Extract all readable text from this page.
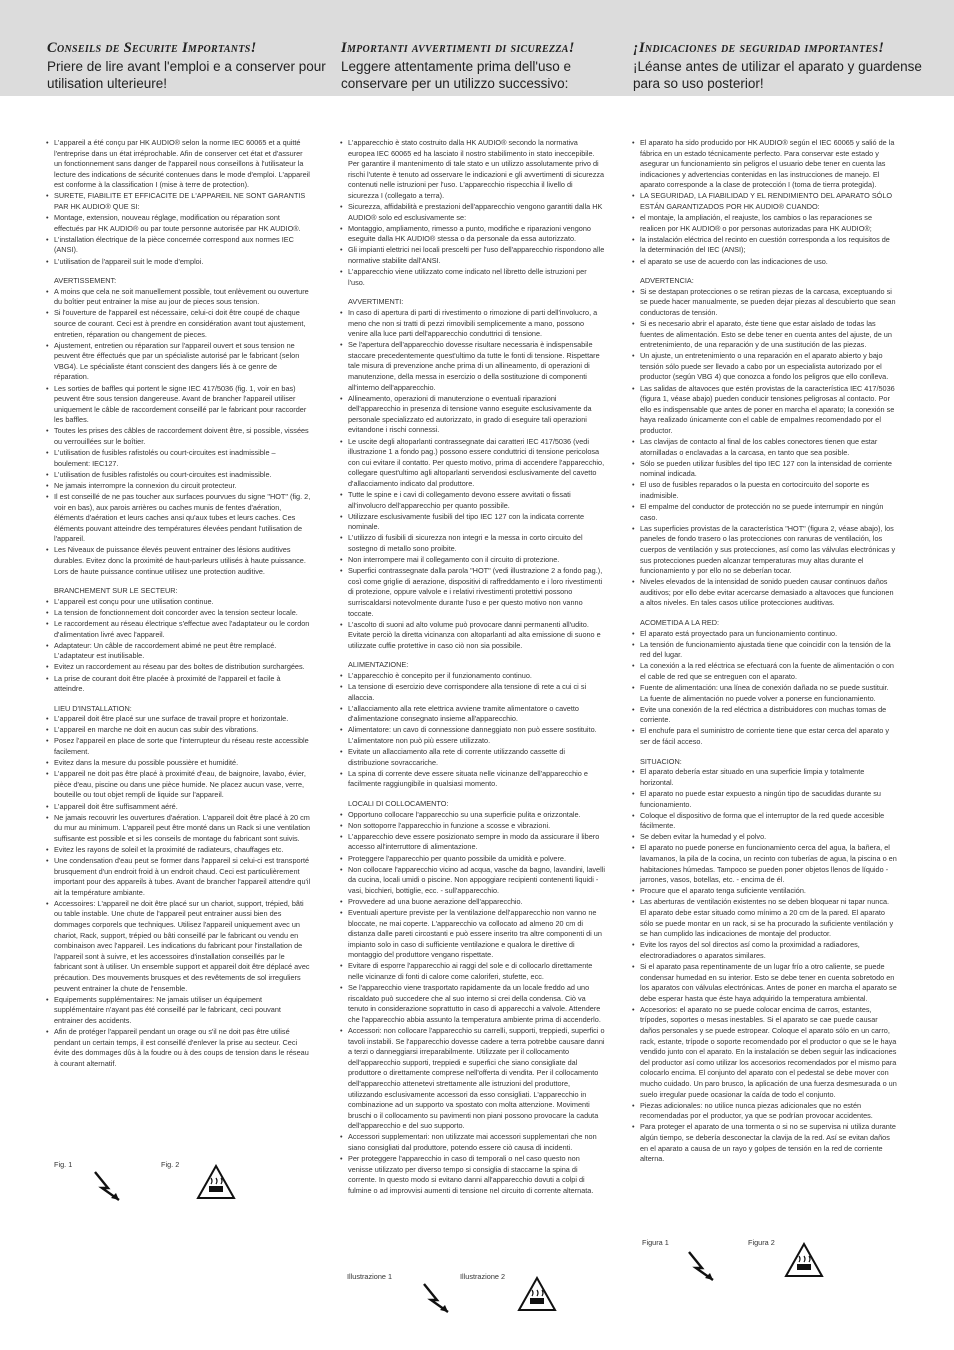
Conseils de Securite Importants!
Priere de lire avant l'emploi e a conserver pour utilisation ulterieure!
Importanti avvertimenti di sicurezza!
Leggere attentamente prima dell'uso e conservare per un utilizzo successivo:
¡Indicaciones de seguridad importantes!
¡Léanse antes de utilizar el aparato y guardense para so uso posterior!
• L'appareil a été conçu par HK AUDIO® selon la norme IEC 60065 et a quitté l'entreprise dans un état irréprochable. Afin de conserver cet état et d'assurer un fonctionnement sans danger de l'appareil nous conseillons à l'utilisateur la lecture des indications de sécurité contenues dans le mode d'emploi. L'appareil est conforme à la classification I (mise à terre de protection).
• SURETE, FIABILITE ET EFFICACITE DE L'APPAREIL NE SONT GARANTIS PAR HK AUDIO® QUE SI:
• Montage, extension, nouveau réglage, modification ou réparation sont effectués par HK AUDIO® ou par toute personne autorisée par HK AUDIO®.
• L'installation électrique de la pièce concernée correspond aux normes IEC (ANSI).
• L'utilisation de l'appareil suit le mode d'emploi.
AVERTISSEMENT:
• A moins que cela ne soit manuellement possible, tout enlèvement ou ouverture du boîtier peut entrainer la mise au jour de pieces sous tension.
• Si l'ouverture de l'appareil est nécessaire, celui-ci doit être coupé de chaque source de courant. Ceci est à prendre en considération avant tout ajustement, entretien, réparation ou changement de pieces.
• Ajustement, entretien ou réparation sur l'appareil ouvert et sous tension ne peuvent être éffectués que par un spécialiste autorisé par le fabricant (selon VBG4). Le spécialiste étant conscient des dangers liés à ce genre de réparation.
• Les sorties de baffles qui portent le signe IEC 417/5036 (fig. 1, voir en bas) peuvent être sous tension dangereuse. Avant de brancher l'appareil utiliser uniquement le câble de raccordement conseillé par le fabricant pour raccorder les baffles.
• Toutes les prises des câbles de raccordement doivent être, si possible, vissées ou verrouillées sur le boîtier.
• L'utilisation de fusibles rafistolés ou court-circuites est inadmissible – boulement: IEC127.
• L'utilisation de fusibles rafistolés ou court-circuites est inadmissible.
• Ne jamais interrompre la connexion du circuit protecteur.
• Il est conseillé de ne pas toucher aux surfaces pourvues du signe "HOT" (fig. 2, voir en bas), aux parois arrières ou caches munis de fentes d'aération, éléments d'aération et leurs caches ansi qu'aux tubes et leurs caches. Ces éléments pouvant atteindre des températures élevées pendant l'utilisation de l'appareil.
• Les Niveaux de puissance élevés peuvent entrainer des lésions auditives durables. Evitez donc la proximité de haut-parleurs utilisés à haute puissance. Lors de haute puissance continue utilisez une protection auditive.
BRANCHEMENT SUR LE SECTEUR:
• L'appareil est conçu pour une utilisation continue.
• La tension de fonctionnement doit concorder avec la tension secteur locale.
• Le raccordement au réseau électrique s'effectue avec l'adaptateur ou le cordon d'alimentation livré avec l'appareil.
• Adaptateur: Un câble de raccordement abimé ne peut être remplacé. L'adaptateur est inutilisable.
• Evitez un raccordement au réseau par des boltes de distribution surchargées.
• La prise de courant doit être placée à proximité de l'appareil et facile à atteindre.
LIEU D'INSTALLATION:
• L'appareil doit être placé sur une surface de travail propre et horizontale.
• L'appareil en marche ne doit en aucun cas subir des vibrations.
• Posez l'appareil en place de sorte que l'interrupteur du réseau reste accessible facilement.
• Evitez dans la mesure du possible poussière et humidité.
• L'appareil ne doit pas être placé à proximité d'eau, de baignoire, lavabo, évier, pièce d'eau, piscine ou dans une pièce humide. Ne placez aucun vase, verre, bouteille ou tout objet rempli de liquide sur l'appareil.
• L'appareil doit être suffisamment aéré.
• Ne jamais recouvrir les ouvertures d'aération. L'appareil doit être placé à 20 cm du mur au minimum. L'appareil peut être monté dans un Rack si une ventilation suffisante est possible et si les conseils de montage du fabricant sont suivis.
• Evitez les rayons de soleil et la proximité de radiateurs, chauffages etc.
• Une condensation d'eau peut se former dans l'appareil si celui-ci est transporté brusquement d'un endroit froid à un endroit chaud. Ceci est particulièrement important pour des appareils à tubes. Avant de brancher l'appareil attendre qu'il ait la température ambiante.
• Accessoires: L'appareil ne doit être placé sur un chariot, support, trépied, bâti ou table instable. Une chute de l'appareil peut entrainer aussi bien des dommages corporels que techniques. Utilisez l'appareil uniquement avec un chariot, Rack, support, trépied ou bâti conseillé par le fabricant ou vendu en combinaison avec l'appareil. Les indications du fabricant pour l'installation de l'appareil sont à suivre, et les accessoires d'installation conseillés par le fabricant sont à utiliser. Un ensemble support et appareil doit être déplacé avec précaution. Des mouvements brusques et des revêtements de sol irreguliers peuvent entrainer la chute de l'ensemble.
• Equipements supplémentaires: Ne jamais utiliser un équipement supplémentaire n'ayant pas été conseillé par le fabricant, ceci pouvant entrainer des accidents.
• Afin de protéger l'appareil pendant un orage ou s'il ne doit pas être utilisé pendant un certain temps, il est conseillé d'enlever la prise au secteur. Ceci évite des dommages dûs à la foudre ou à des coups de tension dans le réseau à courant alternatif.
• L'apparecchio è stato costruito dalla HK AUDIO® secondo la normativa europea IEC 60065 ed ha lasciato il nostro stabilimento in stato ineccepibile. Per garantire il mantenimento di tale stato e un utilizzo assolutamente privo di rischi l'utente è tenuto ad osservare le indicazioni e gli avvertimenti di sicurezza contenuti nelle istruzioni per l'uso. L'apparecchio rispecchia il livello di sicurezza I (collegato a terra).
• Sicurezza, affidabilità e prestazioni dell'apparecchio vengono garantiti dalla HK AUDIO® solo ed esclusivamente se:
• Montaggio, ampliamento, rimesso a punto, modifiche e riparazioni vengono eseguite dalla HK AUDIO® stessa o da personale da essa autorizzato.
• Gli impianti elettrici nei locali prescelti per l'uso dell'apparecchio rispondono alle normative stabilite dall'ANSI.
• L'apparecchio viene utilizzato come indicato nel libretto delle istruzioni per l'uso.
AVVERTIMENTI:
• In caso di apertura di parti di rivestimento o rimozione di parti dell'involucro, a meno che non si tratti di pezzi rimovibili semplicemente a mano, possono venire alla luce parti dell'apparecchio conduttrici di tensione.
• Se l'apertura dell'apparecchio dovesse risultare necessaria è indispensabile staccare precedentemente quest'ultimo da tutte le fonti di tensione. Rispettare tale misura di prevenzione anche prima di un allineamento, di operazioni di manutenzione, della messa in esercizio o della sostituzione di componenti all'interno dell'apparecchio.
• Allineamento, operazioni di manutenzione o eventuali riparazioni dell'apparecchio in presenza di tensione vanno eseguite esclusivamente da personale specializzato ed autorizzato, in grado di eseguire tali operazioni evitandone i rischi connessi.
• Le uscite degli altoparlanti contrassegnate dai caratteri IEC 417/5036 (vedi illustrazione 1 a fondo pag.) possono essere conduttrici di tensione pericolosa con cui evitare il contatto. Per questo motivo, prima di accendere l'apparecchio, collegare quest'ultimo agli altoparlanti servendosi esclusivamente del cavetto d'allacciamento indicato dal produttore.
• Tutte le spine e i cavi di collegamento devono essere avvitati o fissati all'involucro dell'apparecchio per quanto possibile.
• Utilizzare esclusivamente fusibili del tipo IEC 127 con la indicata corrente nominale.
• L'utilizzo di fusibili di sicurezza non integri e la messa in corto circuito del sostegno di metallo sono proibite.
• Non interrompere mai il collegamento con il circuito di protezione.
• Superfici contrassegnate dalla parola "HOT" (vedi illustrazione 2 a fondo pag.), così come griglie di aerazione, dispositivi di raffreddamento e i loro rivestimenti di protezione, oppure valvole e i relativi rivestimenti protettivi possono surriscaldarsi notevolmente durante l'uso e per questo motivo non vanno toccate.
• L'ascolto di suoni ad alto volume può provocare danni permanenti all'udito. Evitate perciò la diretta vicinanza con altoparlanti ad alta emissione di suono e utilizzate cuffie protettive in caso ciò non sia possibile.
ALIMENTAZIONE:
• L'apparecchio è concepito per il funzionamento continuo.
• La tensione di esercizio deve corrispondere alla tensione di rete a cui ci si allaccia.
• L'allacciamento alla rete elettrica avviene tramite alimentatore o cavetto d'alimentazione consegnato insieme all'apparecchio.
• Alimentatore: un cavo di connessione danneggiato non può essere sostituito. L'alimentatore non può più essere utilizzato.
• Evitate un allacciamento alla rete di corrente utilizzando cassette di distribuzione sovraccariche.
• La spina di corrente deve essere situata nelle vicinanze dell'apparecchio e facilmente raggiungibile in qualsiasi momento.
LOCALI DI COLLOCAMENTO:
• Opportuno collocare l'apparecchio su una superficie pulita e orizzontale.
• Non sottoporre l'apparecchio in funzione a scosse e vibrazioni.
• L'apparecchio deve essere posizionato sempre in modo da assicurare il libero accesso all'interruttore di alimentazione.
• Proteggere l'apparecchio per quanto possibile da umidità e polvere.
• Non collocare l'apparecchio vicino ad acqua, vasche da bagno, lavandini, lavelli da cucina, locali umidi o piscine. Non appoggiare recipienti contenenti liquidi - vasi, bicchieri, bottiglie, ecc. - sull'apparecchio.
• Provvedere ad una buone aerazione dell'apparecchio.
• Eventuali aperture previste per la ventilazione dell'apparecchio non vanno ne bloccate, ne mai coperte. L'apparecchio va collocato ad almeno 20 cm di distanza dalle pareti circostanti e può essere inserito tra altre componenti di un impianto solo in caso di sufficiente ventilazione e qualora le direttive di montaggio del produttore vengano rispettate.
• Evitare di esporre l'apparecchio ai raggi del sole e di collocarlo direttamente nelle vicinanze di fonti di calore come caloriferi, stufette, ecc.
• Se l'apparecchio viene trasportato rapidamente da un locale freddo ad uno riscaldato può succedere che al suo interno si crei della condensa. Ciò va tenuto in considerazione soprattutto in caso di apparecchi a valvole. Attendere che l'apparecchio abbia assunto la temperatura ambiente prima di accenderlo.
• Accessori: non collocare l'apparecchio su carrelli, supporti, treppiedi, superfici o tavoli instabili. Se l'apparecchio dovesse cadere a terra potrebbe causare danni a terzi o danneggiarsi irreparabilmente. Utilizzate per il collocamento dell'apparecchio supporti, treppiedi e superfici che siano consigliate dal produttore o direttamente comprese nell'offerta di vendita. Per il collocamento dell'apparecchio attenetevi strettamente alle istruzioni del produttore, utilizzando esclusivamente accessori da esso consigliati. L'apparecchio in combinazione ad un supporto va spostato con molta attenzione. Movimenti bruschi o il collocamento su pavimenti non piani possono provocare la caduta dell'apparecchio e del suo supporto.
• Accessori supplementari: non utilizzate mai accessori supplementari che non siano consigliati dal produttore, potendo essere ciò causa di incidenti.
• Per proteggere l'apparecchio in caso di temporali o nel caso questo non venisse utilizzato per diverso tempo si consiglia di staccarne la spina di corrente. In questo modo si evitano danni all'apparecchio dovuti a colpi di fulmine o ad improvvisi aumenti di tensione nel circuito di corrente alternata.
• El aparato ha sido producido por HK AUDIO® según el IEC 60065 y salió de la fábrica en un estado técnicamente perfecto. Para conservar este estado y asegurar un funcionamiento sin peligros el usuario debe tener en cuenta las indicaciones y advertencias contenidas en las instrucciones de manejo. El aparato corresponde a la clase de protección I (toma de tierra protegida).
• LA SEGURIDAD, LA FIABILIDAD Y EL RENDIMIENTO DEL APARATO SÓLO ESTÁN GARANTIZADOS POR HK AUDIO® CUANDO:
• el montaje, la ampliación, el reajuste, los cambios o las reparaciones se realicen por HK AUDIO® o por personas autorizadas para HK AUDIO®;
• la instalación eléctrica del recinto en cuestión corresponda a los requisitos de la determinación del IEC (ANSI);
• el aparato se use de acuerdo con las indicaciones de uso.
ADVERTENCIA:
• Si se destapan protecciones o se retiran piezas de la carcasa, exceptuando si se puede hacer manualmente, se pueden dejar piezas al descubierto que sean conductoras de tensión.
• Si es necesario abrir el aparato, éste tiene que estar aislado de todas las fuentes de alimentación. Esto se debe tener en cuenta antes del ajuste, de un entretenimiento, de una reparación y de una sustitución de las piezas.
• Un ajuste, un entretenimiento o una reparación en el aparato abierto y bajo tensión sólo puede ser llevado a cabo por un especialista autorizado por el productor (según VBG 4) que conozca a fondo los peligros que ello conlleva.
• Las salidas de altavoces que estén provistas de la característica IEC 417/5036 (figura 1, véase abajo) pueden conducir tensiones peligrosas al contacto. Por ello es indispensable que antes de poner en marcha el aparato; la conexión se haya realizado únicamente con el cable de empalmes recomendado por el productor.
• Las clavijas de contacto al final de los cables conectores tienen que estar atornilladas o enclavadas a la carcasa, en tanto que sea posible.
• Sólo se pueden utilizar fusibles del tipo IEC 127 con la intensidad de corriente nominal indicada.
• El uso de fusibles reparados o la puesta en cortocircuito del soporte es inadmisible.
• El empalme del conductor de protección no se puede interrumpir en ningún caso.
• Las superficies provistas de la característica "HOT" (figura 2, véase abajo), los paneles de fondo trasero o las protecciones con ranuras de ventilación, los cuerpos de ventilación y sus protecciones, así como las válvulas electrónicas y sus protecciones pueden alcanzar temperaturas muy altas durante el funcionamiento y por ello no se deberían tocar.
• Niveles elevados de la intensidad de sonido pueden causar continuos daños auditivos; por ello debe evitar acercarse demasiado a altavoces que funcionen a altos niveles. En tales casos utilice protecciones auditivas.
ACOMETIDA A LA RED:
• El aparato está proyectado para un funcionamiento continuo.
• La tensión de funcionamiento ajustada tiene que coincidir con la tensión de la red del lugar.
• La conexión a la red eléctrica se efectuará con la fuente de alimentación o con el cable de red que se entreguen con el aparato.
• Fuente de alimentación: una línea de conexión dañada no se puede sustituir. La fuente de alimentación no puede volver a ponerse en funcionamiento.
• Evite una conexión de la red eléctrica a distribuidores con muchas tomas de corriente.
• El enchufe para el suministro de corriente tiene que estar cerca del aparato y ser de fácil acceso.
SITUACION:
• El aparato debería estar situado en una superficie limpia y totalmente horizontal.
• El aparato no puede estar expuesto a ningún tipo de sacudidas durante su funcionamiento.
• Coloque el dispositivo de forma que el interruptor de la red quede accesible fácilmente.
• Se deben evitar la humedad y el polvo.
• El aparato no puede ponerse en funcionamiento cerca del agua, la bañera, el lavamanos, la pila de la cocina, un recinto con tuberías de agua, la piscina o en habitaciones húmedas. Tampoco se pueden poner objetos llenos de líquido - jarrones, vasos, botellas, etc. - encima de él.
• Procure que el aparato tenga suficiente ventilación.
• Las aberturas de ventilación existentes no se deben bloquear ni tapar nunca. El aparato debe estar situado como mínimo a 20 cm de la pared. El aparato sólo se puede montar en un rack, si se ha procurado la suficiente ventilación y se han cumplido las indicaciones de montaje del productor.
• Evite los rayos del sol directos así como la proximidad a radiadores, electroradiadores o aparatos similares.
• Si el aparato pasa repentinamente de un lugar frío a otro caliente, se puede condensar humedad en su interior. Esto se debe tener en cuenta sobretodo en los aparatos con válvulas electrónicas. Antes de poner en marcha el aparato se debe esperar hasta que éste haya adquirido la temperatura ambiental.
• Accesorios: el aparato no se puede colocar encima de carros, estantes, trípodes, soportes o mesas inestables. Si el aparato se cae puede causar daños personales y se puede estropear. Coloque el aparato sólo en un carro, rack, estante, trípode o soporte recomendado por el productor o que se le haya vendido junto con el aparato. En la instalación se deben seguir las indicaciones del productor así como utilizar los accesorios recomendados por el mismo para colocarlo encima. El conjunto del aparato con el pedestal se debe mover con mucho cuidado. Un paro brusco, la aplicación de una fuerza desmesurada o un suelo irregular puede ocasionar la caída de todo el conjunto.
• Piezas adicionales: no utilice nunca piezas adicionales que no estén recomendadas por el productor, ya que se podrían provocar accidentes.
• Para proteger el aparato de una tormenta o si no se supervisa ni utiliza durante algún tiempo, se debería desconectar la clavija de la red. Así se evitan daños en el aparato a causa de un rayo y golpes de tensión en la red de corriente alterna.
Fig. 1	Fig. 2
Illustrazione 1	Illustrazione 2
Figura 1	Figura 2
